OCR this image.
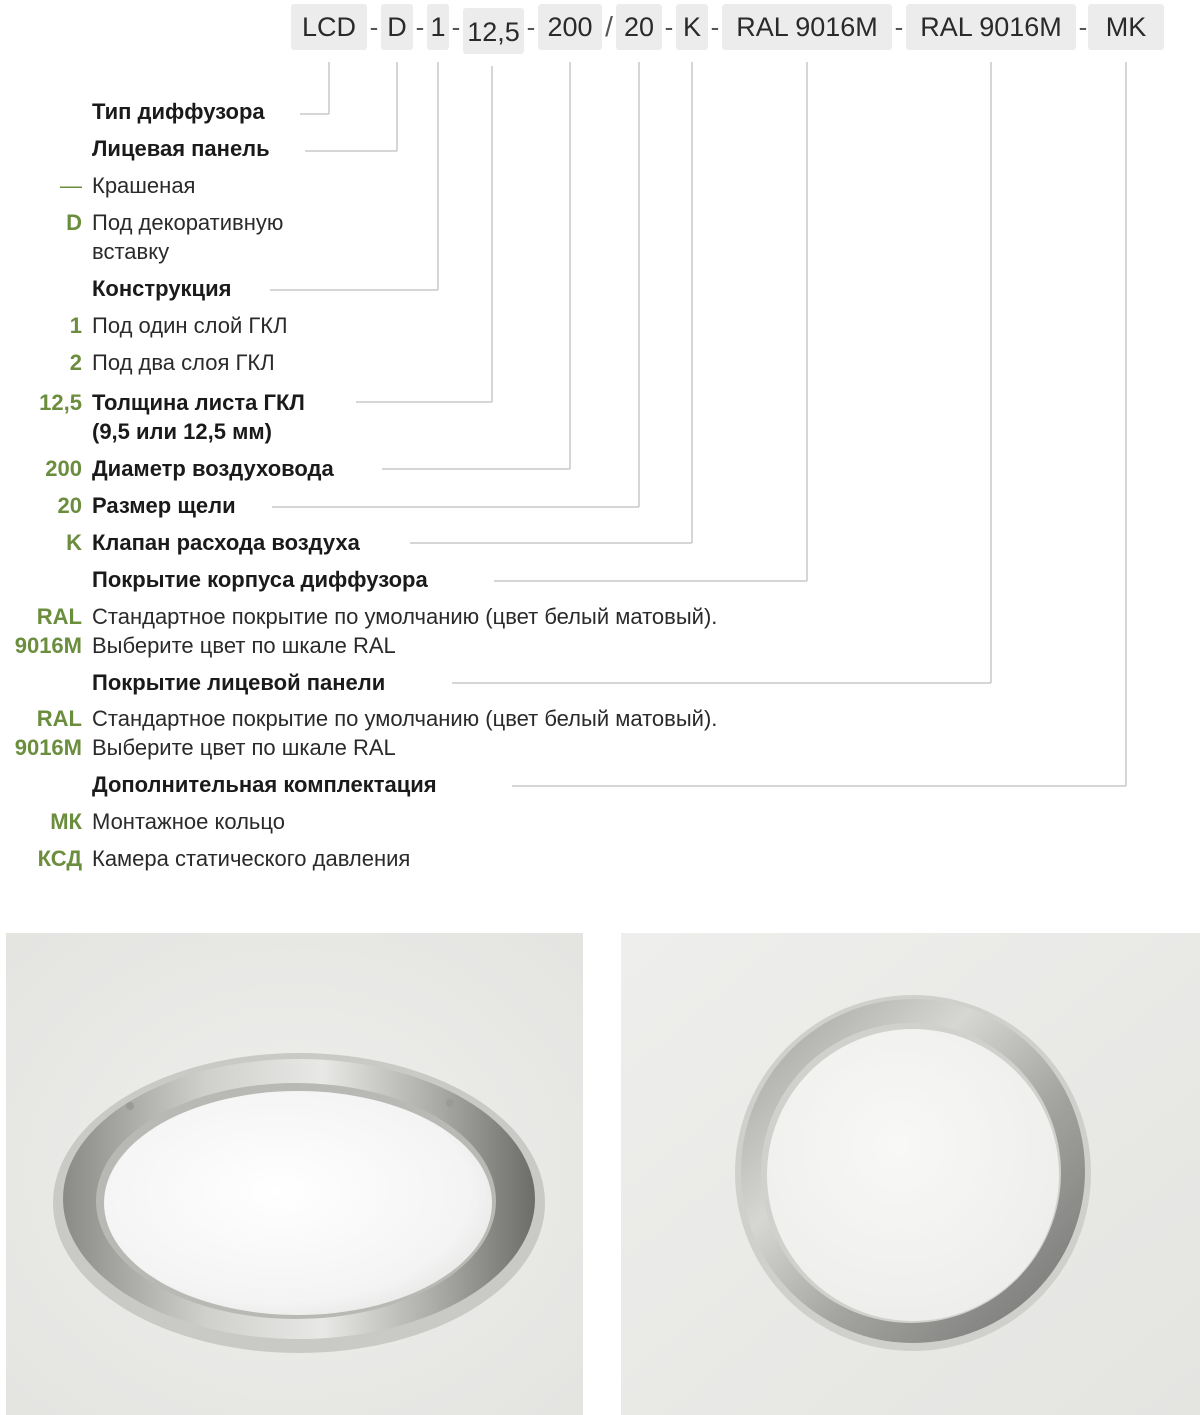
LCD - D - 1 - 12,5 - 200 / 20 - K - RAL 9016M - RAL 9016M - MK
Тип диффузора
Лицевая панель
— Крашеная
D Под декоративную
вставку
Конструкция
1 Под один слой ГКЛ
2 Под два слоя ГКЛ
12,5 Толщина листа ГКЛ
(9,5 или 12,5 мм)
200 Диаметр воздуховода
20 Размер щели
K Клапан расхода воздуха
Покрытие корпуса диффузора
RAL
9016M
Стандартное покрытие по умолчанию (цвет белый матовый).
Выберите цвет по шкале RAL
Покрытие лицевой панели
RAL
9016M
Стандартное покрытие по умолчанию (цвет белый матовый).
Выберите цвет по шкале RAL
Дополнительная комплектация
МК Монтажное кольцо
КСД Камера статического давления
